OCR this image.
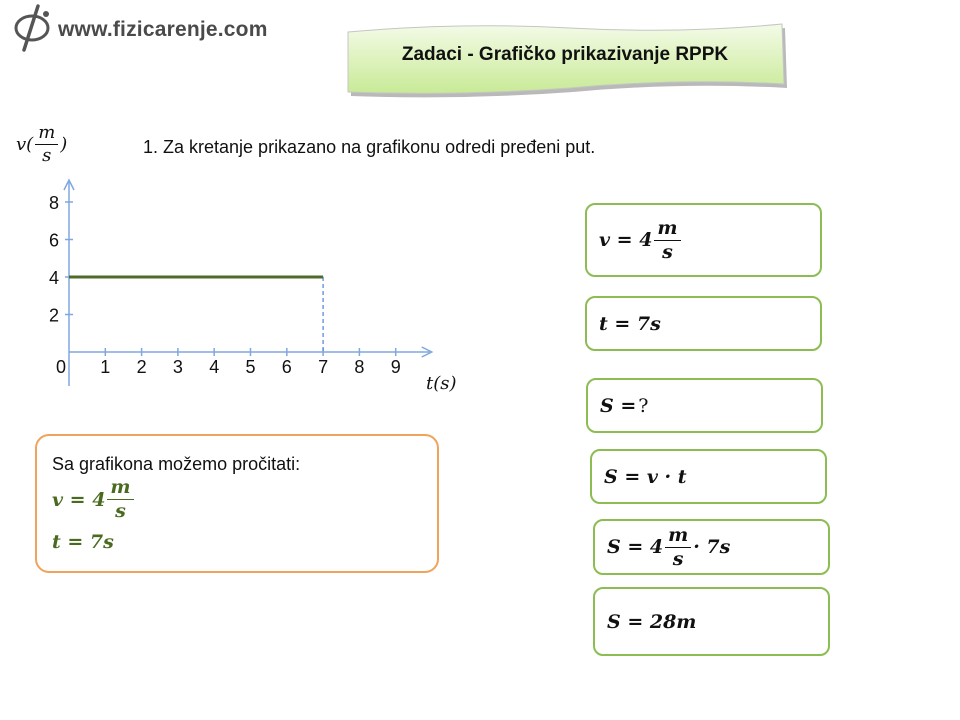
www.fizicarenje.com
Zadaci - Grafičko prikazivanje RPPK
1. Za kretanje prikazano na grafikonu odredi pređeni put.
$v( \frac{m}{s}$ )
t(s)
2
4
6
8
0 1 2 3 4 5 6 7 8 9
Sa grafikona možemo pročitati:
$v = 4 \frac{m}{s}$
t = 7s
$v = 4 \frac{m}{s}$
t = 7s
S = ?
S = v · t
$S = 4 \frac{m}{s} \cdot 7s$
S = 28m
